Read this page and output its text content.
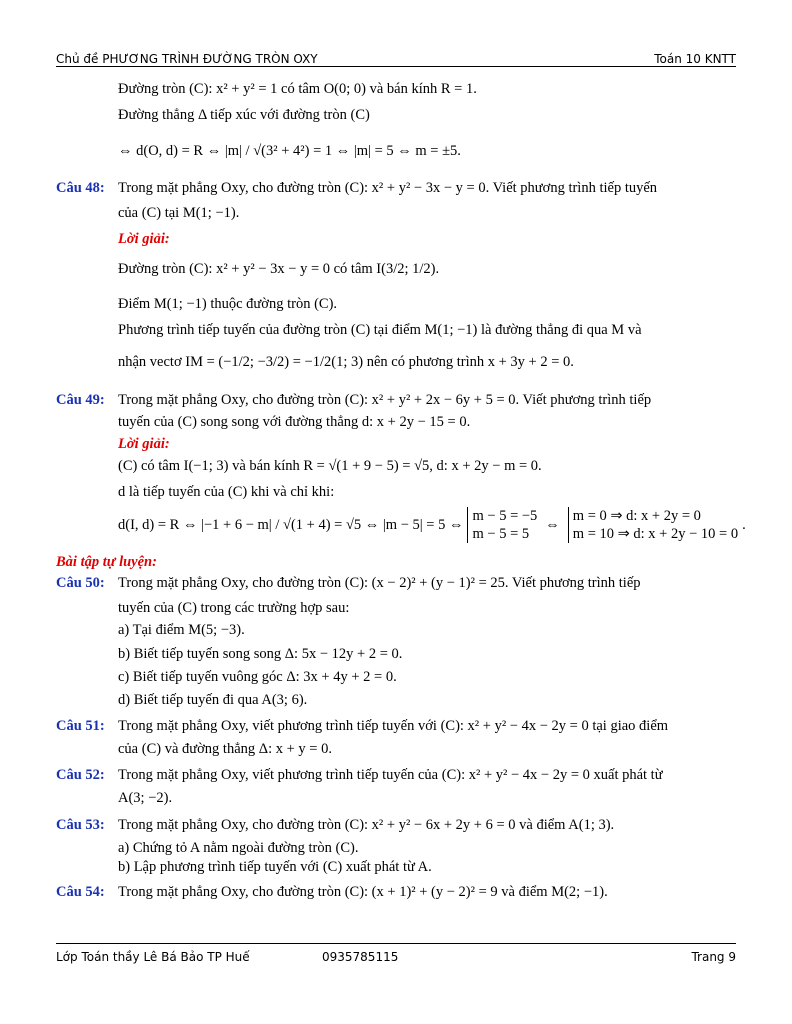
Chủ đề PHƯƠNG TRÌNH ĐƯỜNG TRÒN OXY	Toán 10 KNTT
Đường tròn (C): x² + y² = 1 có tâm O(0; 0) và bán kính R = 1.
Đường thẳng Δ tiếp xúc với đường tròn (C)
⇔ d(O, d) = R ⇔ |m| / √(3² + 4²) = 1 ⇔ |m| = 5 ⇔ m = ±5.
Câu 48: Trong mặt phẳng Oxy, cho đường tròn (C): x² + y² − 3x − y = 0. Viết phương trình tiếp tuyến
của (C) tại M(1; −1).
Lời giải:
Đường tròn (C): x² + y² − 3x − y = 0 có tâm I(3/2; 1/2).
Điểm M(1; −1) thuộc đường tròn (C).
Phương trình tiếp tuyến của đường tròn (C) tại điểm M(1; −1) là đường thẳng đi qua M và
nhận vectơ IM = (−1/2; −3/2) = −1/2(1; 3) nên có phương trình x + 3y + 2 = 0.
Câu 49: Trong mặt phẳng Oxy, cho đường tròn (C): x² + y² + 2x − 6y + 5 = 0. Viết phương trình tiếp
tuyến của (C) song song với đường thẳng d: x + 2y − 15 = 0.
Lời giải:
(C) có tâm I(−1; 3) và bán kính R = √(1 + 9 − 5) = √5, d: x + 2y − m = 0.
d là tiếp tuyến của (C) khi và chỉ khi:
d(I, d) = R ⇔ |−1 + 6 − m| / √(1 + 4) = √5 ⇔ |m − 5| = 5 ⇔
m − 5 = −5
m − 5 = 5
⇔
m = 0 ⇒ d: x + 2y = 0
m = 10 ⇒ d: x + 2y − 10 = 0
.
Bài tập tự luyện:
Câu 50: Trong mặt phẳng Oxy, cho đường tròn (C): (x − 2)² + (y − 1)² = 25. Viết phương trình tiếp
tuyến của (C) trong các trường hợp sau:
a) Tại điểm M(5; −3).
b) Biết tiếp tuyến song song Δ: 5x − 12y + 2 = 0.
c) Biết tiếp tuyến vuông góc Δ: 3x + 4y + 2 = 0.
d) Biết tiếp tuyến đi qua A(3; 6).
Câu 51: Trong mặt phẳng Oxy, viết phương trình tiếp tuyến với (C): x² + y² − 4x − 2y = 0 tại giao điểm
của (C) và đường thẳng Δ: x + y = 0.
Câu 52: Trong mặt phẳng Oxy, viết phương trình tiếp tuyến của (C): x² + y² − 4x − 2y = 0 xuất phát từ
A(3; −2).
Câu 53: Trong mặt phẳng Oxy, cho đường tròn (C): x² + y² − 6x + 2y + 6 = 0 và điểm A(1; 3).
a) Chứng tỏ A nằm ngoài đường tròn (C).
b) Lập phương trình tiếp tuyến với (C) xuất phát từ A.
Câu 54: Trong mặt phẳng Oxy, cho đường tròn (C): (x + 1)² + (y − 2)² = 9 và điểm M(2; −1).
Lớp Toán thầy Lê Bá Bảo TP Huế	0935785115	Trang 9
